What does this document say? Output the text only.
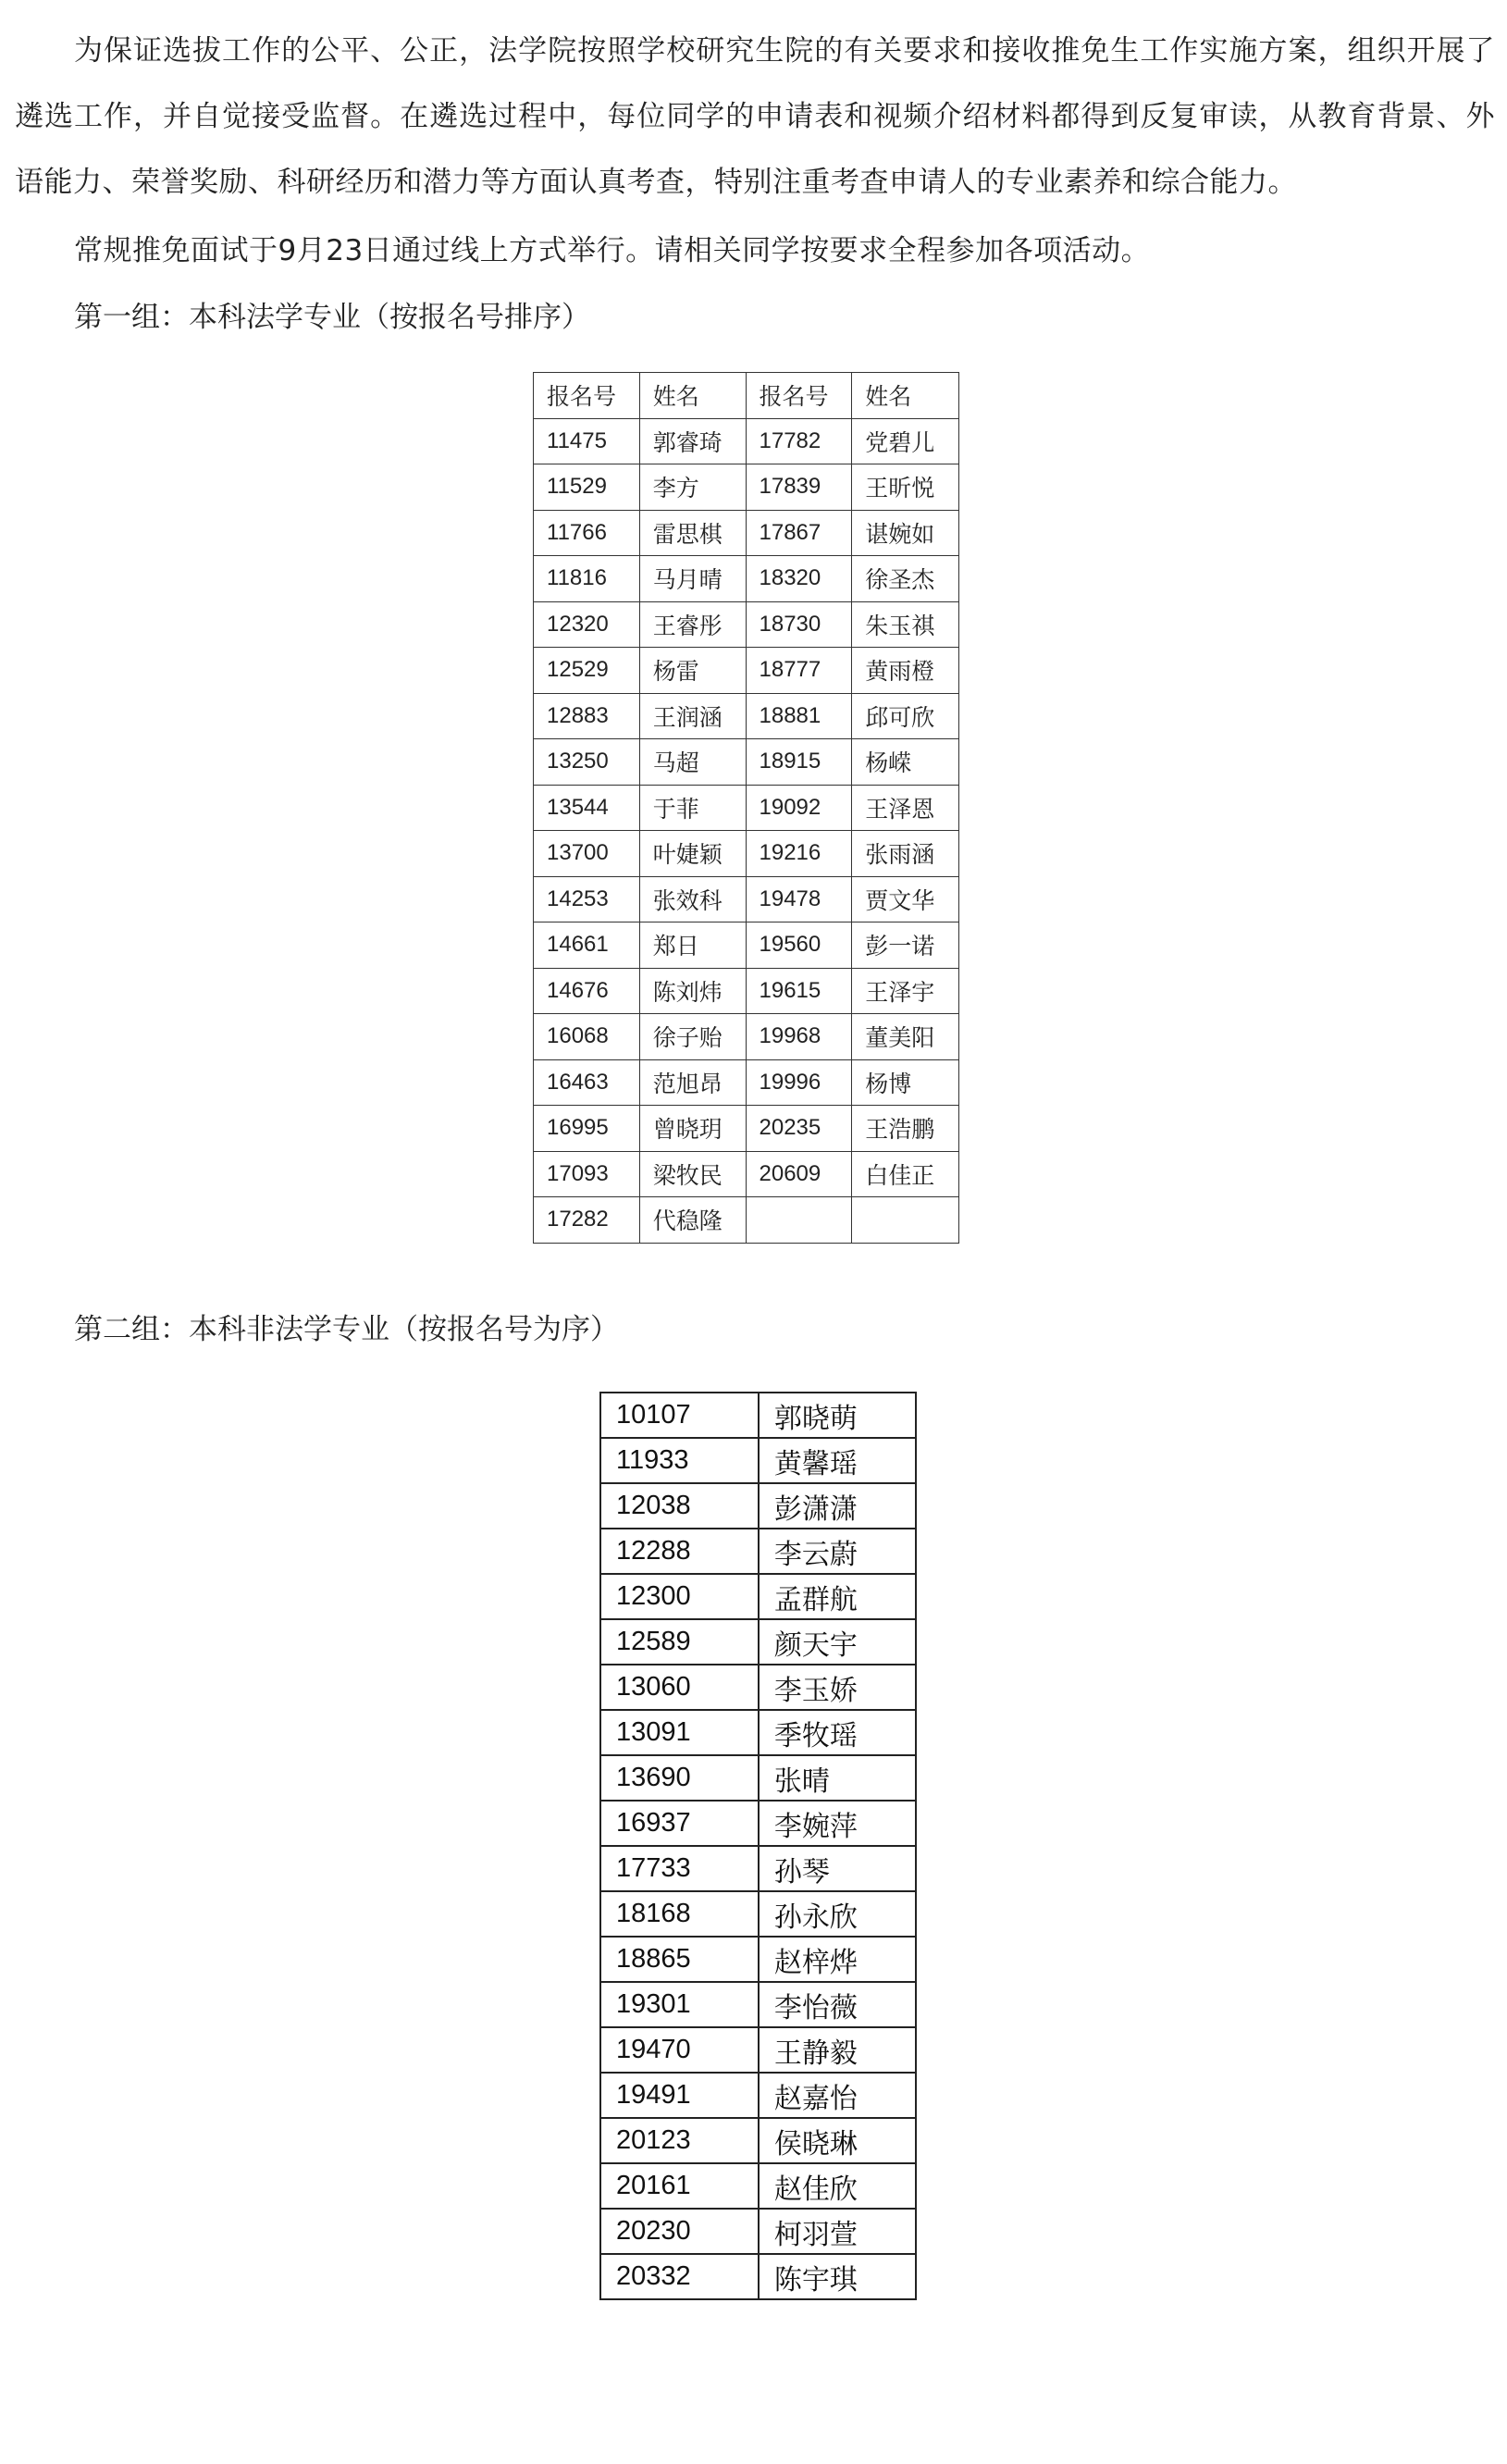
为保证选拔工作的公平、公正，法学院按照学校研究生院的有关要求和接收推免生工作实施方案，组织开展了遴选工作，并自觉接受监督。在遴选过程中，每位同学的申请表和视频介绍材料都得到反复审读，从教育背景、外语能力、荣誉奖励、科研经历和潜力等方面认真考查，特别注重考查申请人的专业素养和综合能力。

常规推免面试于9月23日通过线上方式举行。请相关同学按要求全程参加各项活动。

第一组：本科法学专业（按报名号排序）

报名号	姓名	报名号	姓名
11475	郭睿琦	17782	党碧儿
11529	李方	17839	王昕悦
11766	雷思棋	17867	谌婉如
11816	马月晴	18320	徐圣杰
12320	王睿彤	18730	朱玉祺
12529	杨雷	18777	黄雨橙
12883	王润涵	18881	邱可欣
13250	马超	18915	杨嵘
13544	于菲	19092	王泽恩
13700	叶婕颖	19216	张雨涵
14253	张效科	19478	贾文华
14661	郑日	19560	彭一诺
14676	陈刘炜	19615	王泽宇
16068	徐子贻	19968	董美阳
16463	范旭昂	19996	杨博
16995	曾晓玥	20235	王浩鹏
17093	梁牧民	20609	白佳正
17282	代稳隆		

第二组：本科非法学专业（按报名号为序）

10107	郭晓萌
11933	黄馨瑶
12038	彭潇潇
12288	李云蔚
12300	孟群航
12589	颜天宇
13060	李玉娇
13091	季牧瑶
13690	张晴
16937	李婉萍
17733	孙琴
18168	孙永欣
18865	赵梓烨
19301	李怡薇
19470	王静毅
19491	赵嘉怡
20123	侯晓琳
20161	赵佳欣
20230	柯羽萱
20332	陈宇琪
